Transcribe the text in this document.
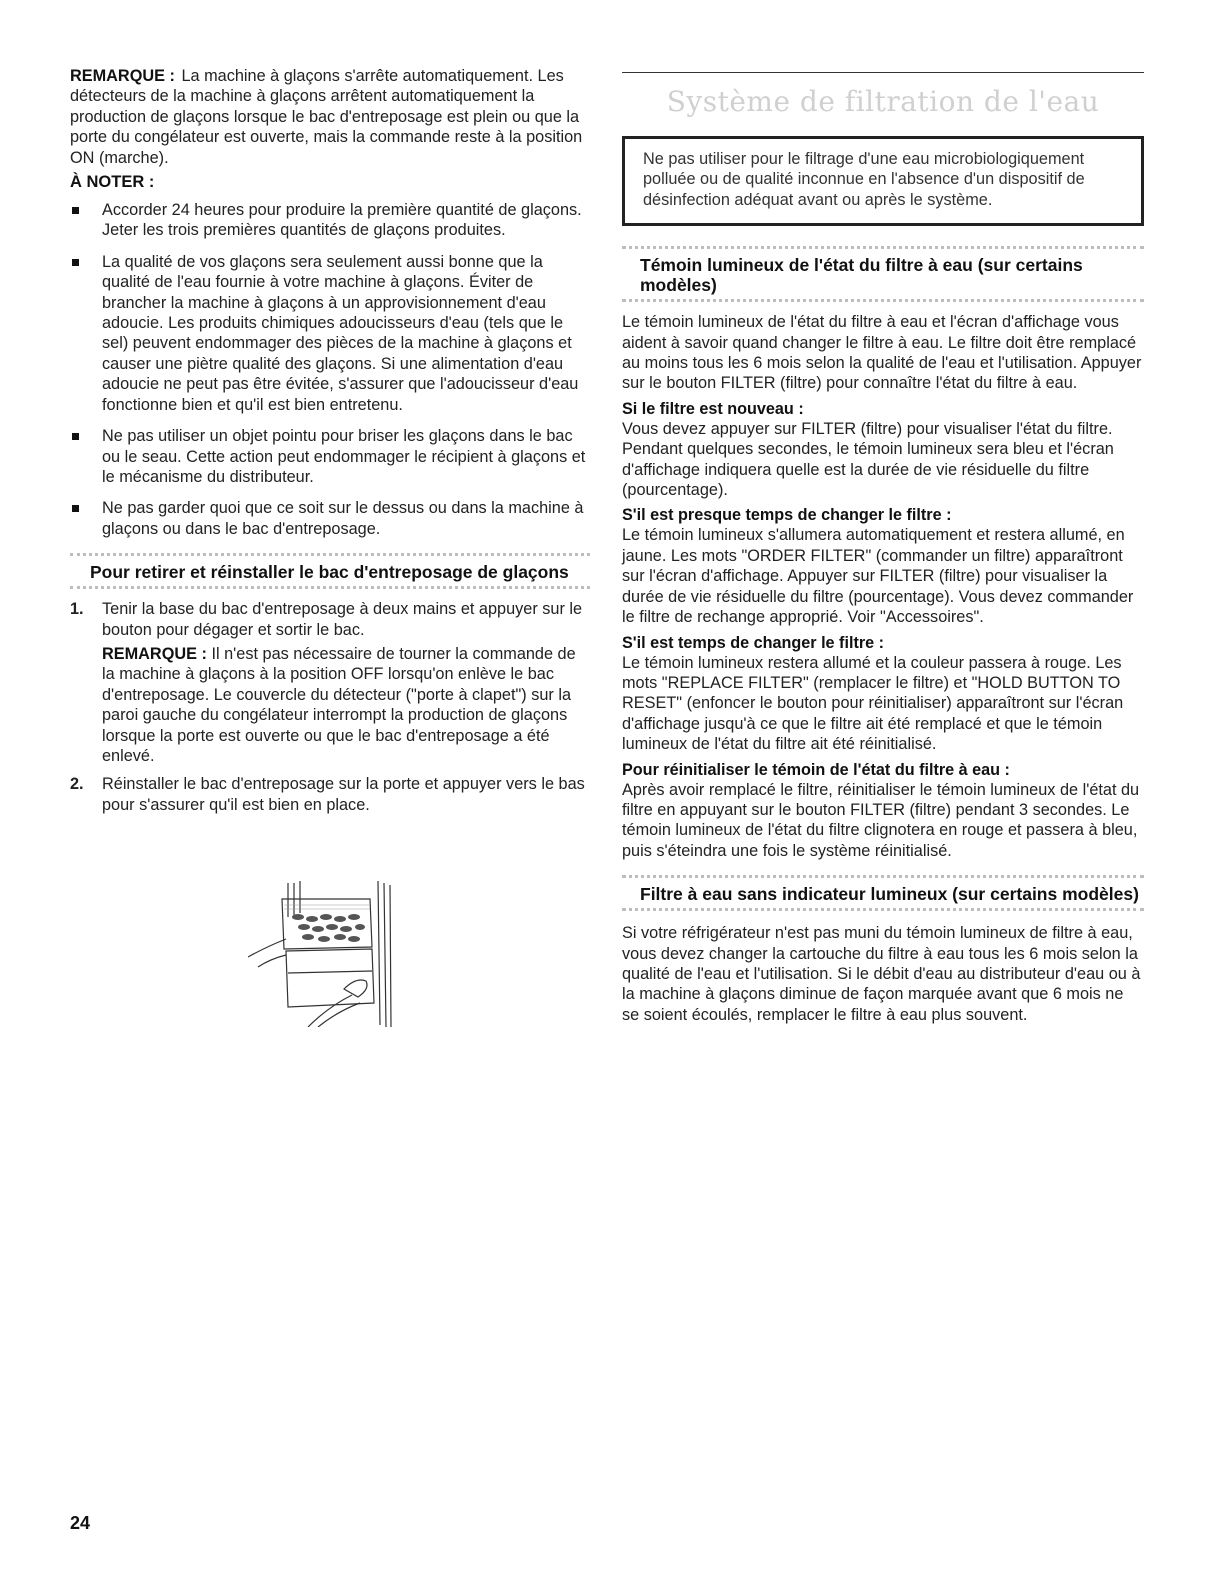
REMARQUE : La machine à glaçons s'arrête automatiquement. Les détecteurs de la machine à glaçons arrêtent automatiquement la production de glaçons lorsque le bac d'entreposage est plein ou que la porte du congélateur est ouverte, mais la commande reste à la position ON (marche).

À NOTER :
Accorder 24 heures pour produire la première quantité de glaçons. Jeter les trois premières quantités de glaçons produites.
La qualité de vos glaçons sera seulement aussi bonne que la qualité de l'eau fournie à votre machine à glaçons. Éviter de brancher la machine à glaçons à un approvisionnement d'eau adoucie. Les produits chimiques adoucisseurs d'eau (tels que le sel) peuvent endommager des pièces de la machine à glaçons et causer une piètre qualité des glaçons. Si une alimentation d'eau adoucie ne peut pas être évitée, s'assurer que l'adoucisseur d'eau fonctionne bien et qu'il est bien entretenu.
Ne pas utiliser un objet pointu pour briser les glaçons dans le bac ou le seau. Cette action peut endommager le récipient à glaçons et le mécanisme du distributeur.
Ne pas garder quoi que ce soit sur le dessus ou dans la machine à glaçons ou dans le bac d'entreposage.
Pour retirer et réinstaller le bac d'entreposage de glaçons
1. Tenir la base du bac d'entreposage à deux mains et appuyer sur le bouton pour dégager et sortir le bac.

REMARQUE : Il n'est pas nécessaire de tourner la commande de la machine à glaçons à la position OFF lorsqu'on enlève le bac d'entreposage. Le couvercle du détecteur ("porte à clapet") sur la paroi gauche du congélateur interrompt la production de glaçons lorsque la porte est ouverte ou que le bac d'entreposage a été enlevé.

2. Réinstaller le bac d'entreposage sur la porte et appuyer vers le bas pour s'assurer qu'il est bien en place.
Système de filtration de l'eau

Ne pas utiliser pour le filtrage d'une eau microbiologiquement polluée ou de qualité inconnue en l'absence d'un dispositif de désinfection adéquat avant ou après le système.

Témoin lumineux de l'état du filtre à eau (sur certains modèles)

Le témoin lumineux de l'état du filtre à eau et l'écran d'affichage vous aident à savoir quand changer le filtre à eau. Le filtre doit être remplacé au moins tous les 6 mois selon la qualité de l'eau et l'utilisation. Appuyer sur le bouton FILTER (filtre) pour connaître l'état du filtre à eau.

Si le filtre est nouveau :

Vous devez appuyer sur FILTER (filtre) pour visualiser l'état du filtre. Pendant quelques secondes, le témoin lumineux sera bleu et l'écran d'affichage indiquera quelle est la durée de vie résiduelle du filtre (pourcentage).

S'il est presque temps de changer le filtre :

Le témoin lumineux s'allumera automatiquement et restera allumé, en jaune. Les mots "ORDER FILTER" (commander un filtre) apparaîtront sur l'écran d'affichage. Appuyer sur FILTER (filtre) pour visualiser la durée de vie résiduelle du filtre (pourcentage). Vous devez commander le filtre de rechange approprié. Voir "Accessoires".

S'il est temps de changer le filtre :

Le témoin lumineux restera allumé et la couleur passera à rouge. Les mots "REPLACE FILTER" (remplacer le filtre) et "HOLD BUTTON TO RESET" (enfoncer le bouton pour réinitialiser) apparaîtront sur l'écran d'affichage jusqu'à ce que le filtre ait été remplacé et que le témoin lumineux de l'état du filtre ait été réinitialisé.

Pour réinitialiser le témoin de l'état du filtre à eau :

Après avoir remplacé le filtre, réinitialiser le témoin lumineux de l'état du filtre en appuyant sur le bouton FILTER (filtre) pendant 3 secondes. Le témoin lumineux de l'état du filtre clignotera en rouge et passera à bleu, puis s'éteindra une fois le système réinitialisé.

Filtre à eau sans indicateur lumineux (sur certains modèles)

Si votre réfrigérateur n'est pas muni du témoin lumineux de filtre à eau, vous devez changer la cartouche du filtre à eau tous les 6 mois selon la qualité de l'eau et l'utilisation. Si le débit d'eau au distributeur d'eau ou à la machine à glaçons diminue de façon marquée avant que 6 mois ne se soient écoulés, remplacer le filtre à eau plus souvent.

24
